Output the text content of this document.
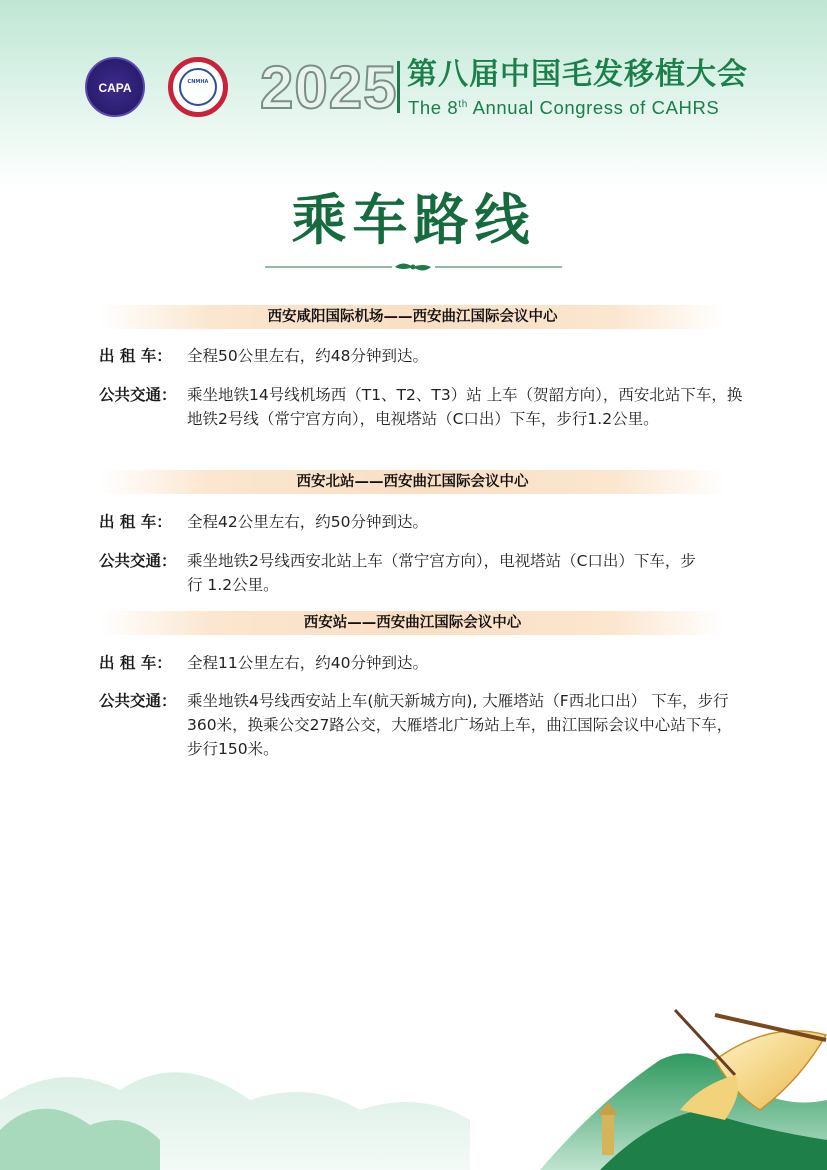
CAPA	CNMHA 2025 第八届中国毛发移植大会
The 8th Annual Congress of CAHRS
乘车路线
西安咸阳国际机场——西安曲江国际会议中心
出 租 车： 全程50公里左右，约48分钟到达。
公共交通： 乘坐地铁14号线机场西（T1、T2、T3）站 上车（贺韶方向），西安北站下车，换地铁2号线（常宁宫方向），电视塔站（C口出）下车，步行1.2公里。
西安北站——西安曲江国际会议中心
出 租 车： 全程42公里左右，约50分钟到达。
公共交通： 乘坐地铁2号线西安北站上车（常宁宫方向），电视塔站（C口出）下车，步行 1.2公里。
西安站——西安曲江国际会议中心
出 租 车： 全程11公里左右，约40分钟到达。
公共交通： 乘坐地铁4号线西安站上车(航天新城方向), 大雁塔站（F西北口出） 下车，步行360米，换乘公交27路公交，大雁塔北广场站上车，曲江国际会议中心站下车，步行150米。
